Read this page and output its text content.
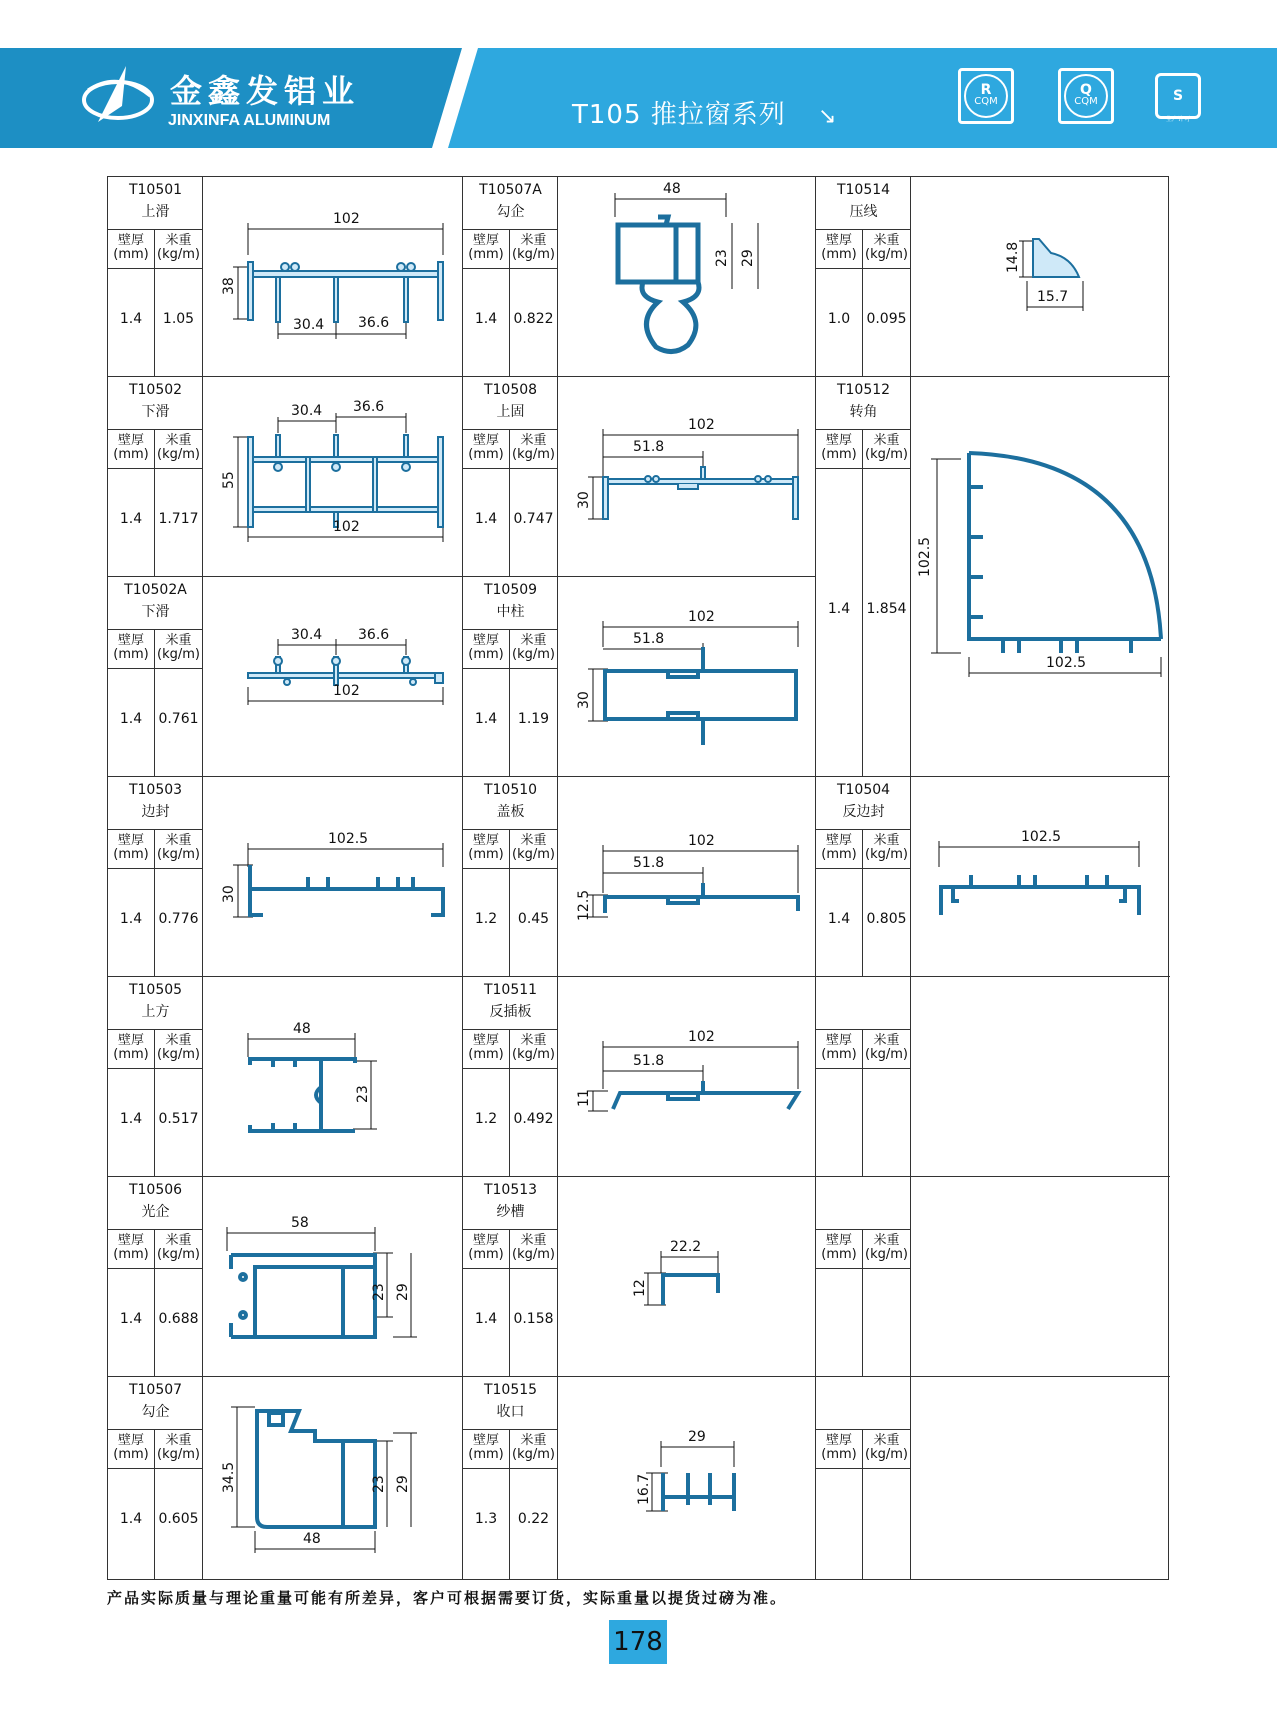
金鑫发铝业
JINXINFA ALUMINUM	T105 推拉窗系列 ↘
R
CQM
Q
CQM	S
生产许可
T10501
上滑
壁厚
(mm)
米重
(kg/m)
1.4	1.05
102
38
30.4 36.6
T10507A
勾企
壁厚
(mm)
米重
(kg/m)
1.4	0.822
48
23 29
T10514
压线
壁厚
(mm)
米重
(kg/m)
1.0	0.095
14.8
15.7
T10502
下滑
壁厚
(mm)
米重
(kg/m)
1.4	1.717
30.4 36.6
55
102
T10508
上固
壁厚
(mm)
米重
(kg/m)
1.4	0.747
102
51.8
30
T10512
转角
壁厚
(mm)
米重
(kg/m)
1.4	1.854
102.5
102.5
T10502A
下滑
壁厚
(mm)
米重
(kg/m)
1.4	0.761
30.4	36.6
102
T10509
中柱
壁厚
(mm)
米重
(kg/m)
1.4	1.19
102
51.8
30
T10503
边封
壁厚
(mm)
米重
(kg/m)
1.4	0.776
102.5
30
T10510
盖板
壁厚
(mm)
米重
(kg/m)
1.2	0.45
102
51.8
12.5
T10504
反边封
壁厚
(mm)
米重
(kg/m)
1.4	0.805
102.5
T10505
上方
壁厚
(mm)
米重
(kg/m)
1.4	0.517
48
23
T10511
反插板
壁厚
(mm)
米重
(kg/m)
1.2	0.492
102
51.8
11
壁厚
(mm)
米重
(kg/m)
T10506
光企
壁厚
(mm)
米重
(kg/m)
1.4	0.688
58
23 29
T10513
纱槽
壁厚
(mm)
米重
(kg/m)
1.4	0.158
22.2
12
壁厚
(mm)
米重
(kg/m)
T10507
勾企
壁厚
(mm)
米重
(kg/m)
1.4	0.605
34.5	23 29
48
T10515
收口
壁厚
(mm)
米重
(kg/m)
1.3	0.22
29
16.7
壁厚
(mm)
米重
(kg/m)
产品实际质量与理论重量可能有所差异，客户可根据需要订货，实际重量以提货过磅为准。
178
